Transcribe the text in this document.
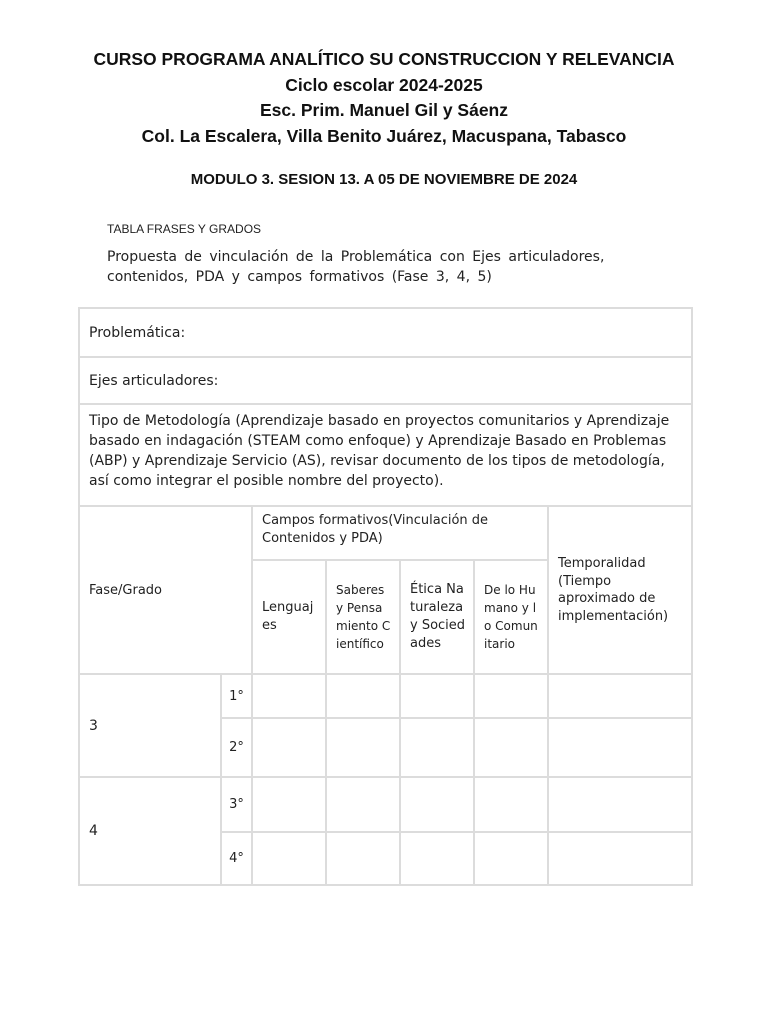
CURSO PROGRAMA ANALÍTICO SU CONSTRUCCION Y RELEVANCIA
Ciclo escolar 2024-2025
Esc. Prim. Manuel Gil y Sáenz
Col. La Escalera, Villa Benito Juárez, Macuspana, Tabasco
MODULO 3. SESION 13. A 05 DE NOVIEMBRE DE 2024
TABLA FRASES Y GRADOS
Propuesta de vinculación de la Problemática con Ejes articuladores, contenidos, PDA y campos formativos (Fase 3, 4, 5)
Problemática:						
Ejes articuladores:						
Tipo de Metodología (Aprendizaje basado en proyectos comunitarios y Aprendizaje basado en indagación (STEAM como enfoque) y Aprendizaje Basado en Problemas (ABP) y Aprendizaje Servicio (AS), revisar documento de los tipos de metodología, así como integrar el posible nombre del proyecto).						
Fase/Grado		Campos formativos(Vinculación de Contenidos y PDA)				Temporalidad (Tiempo aproximado de implementación)
		Lenguajes	Saberes y Pensamiento Científico	Ética Naturaleza y Sociedades	De lo Humano y lo Comunitario	
3	1°					
	2°					
4	3°					
	4°					
